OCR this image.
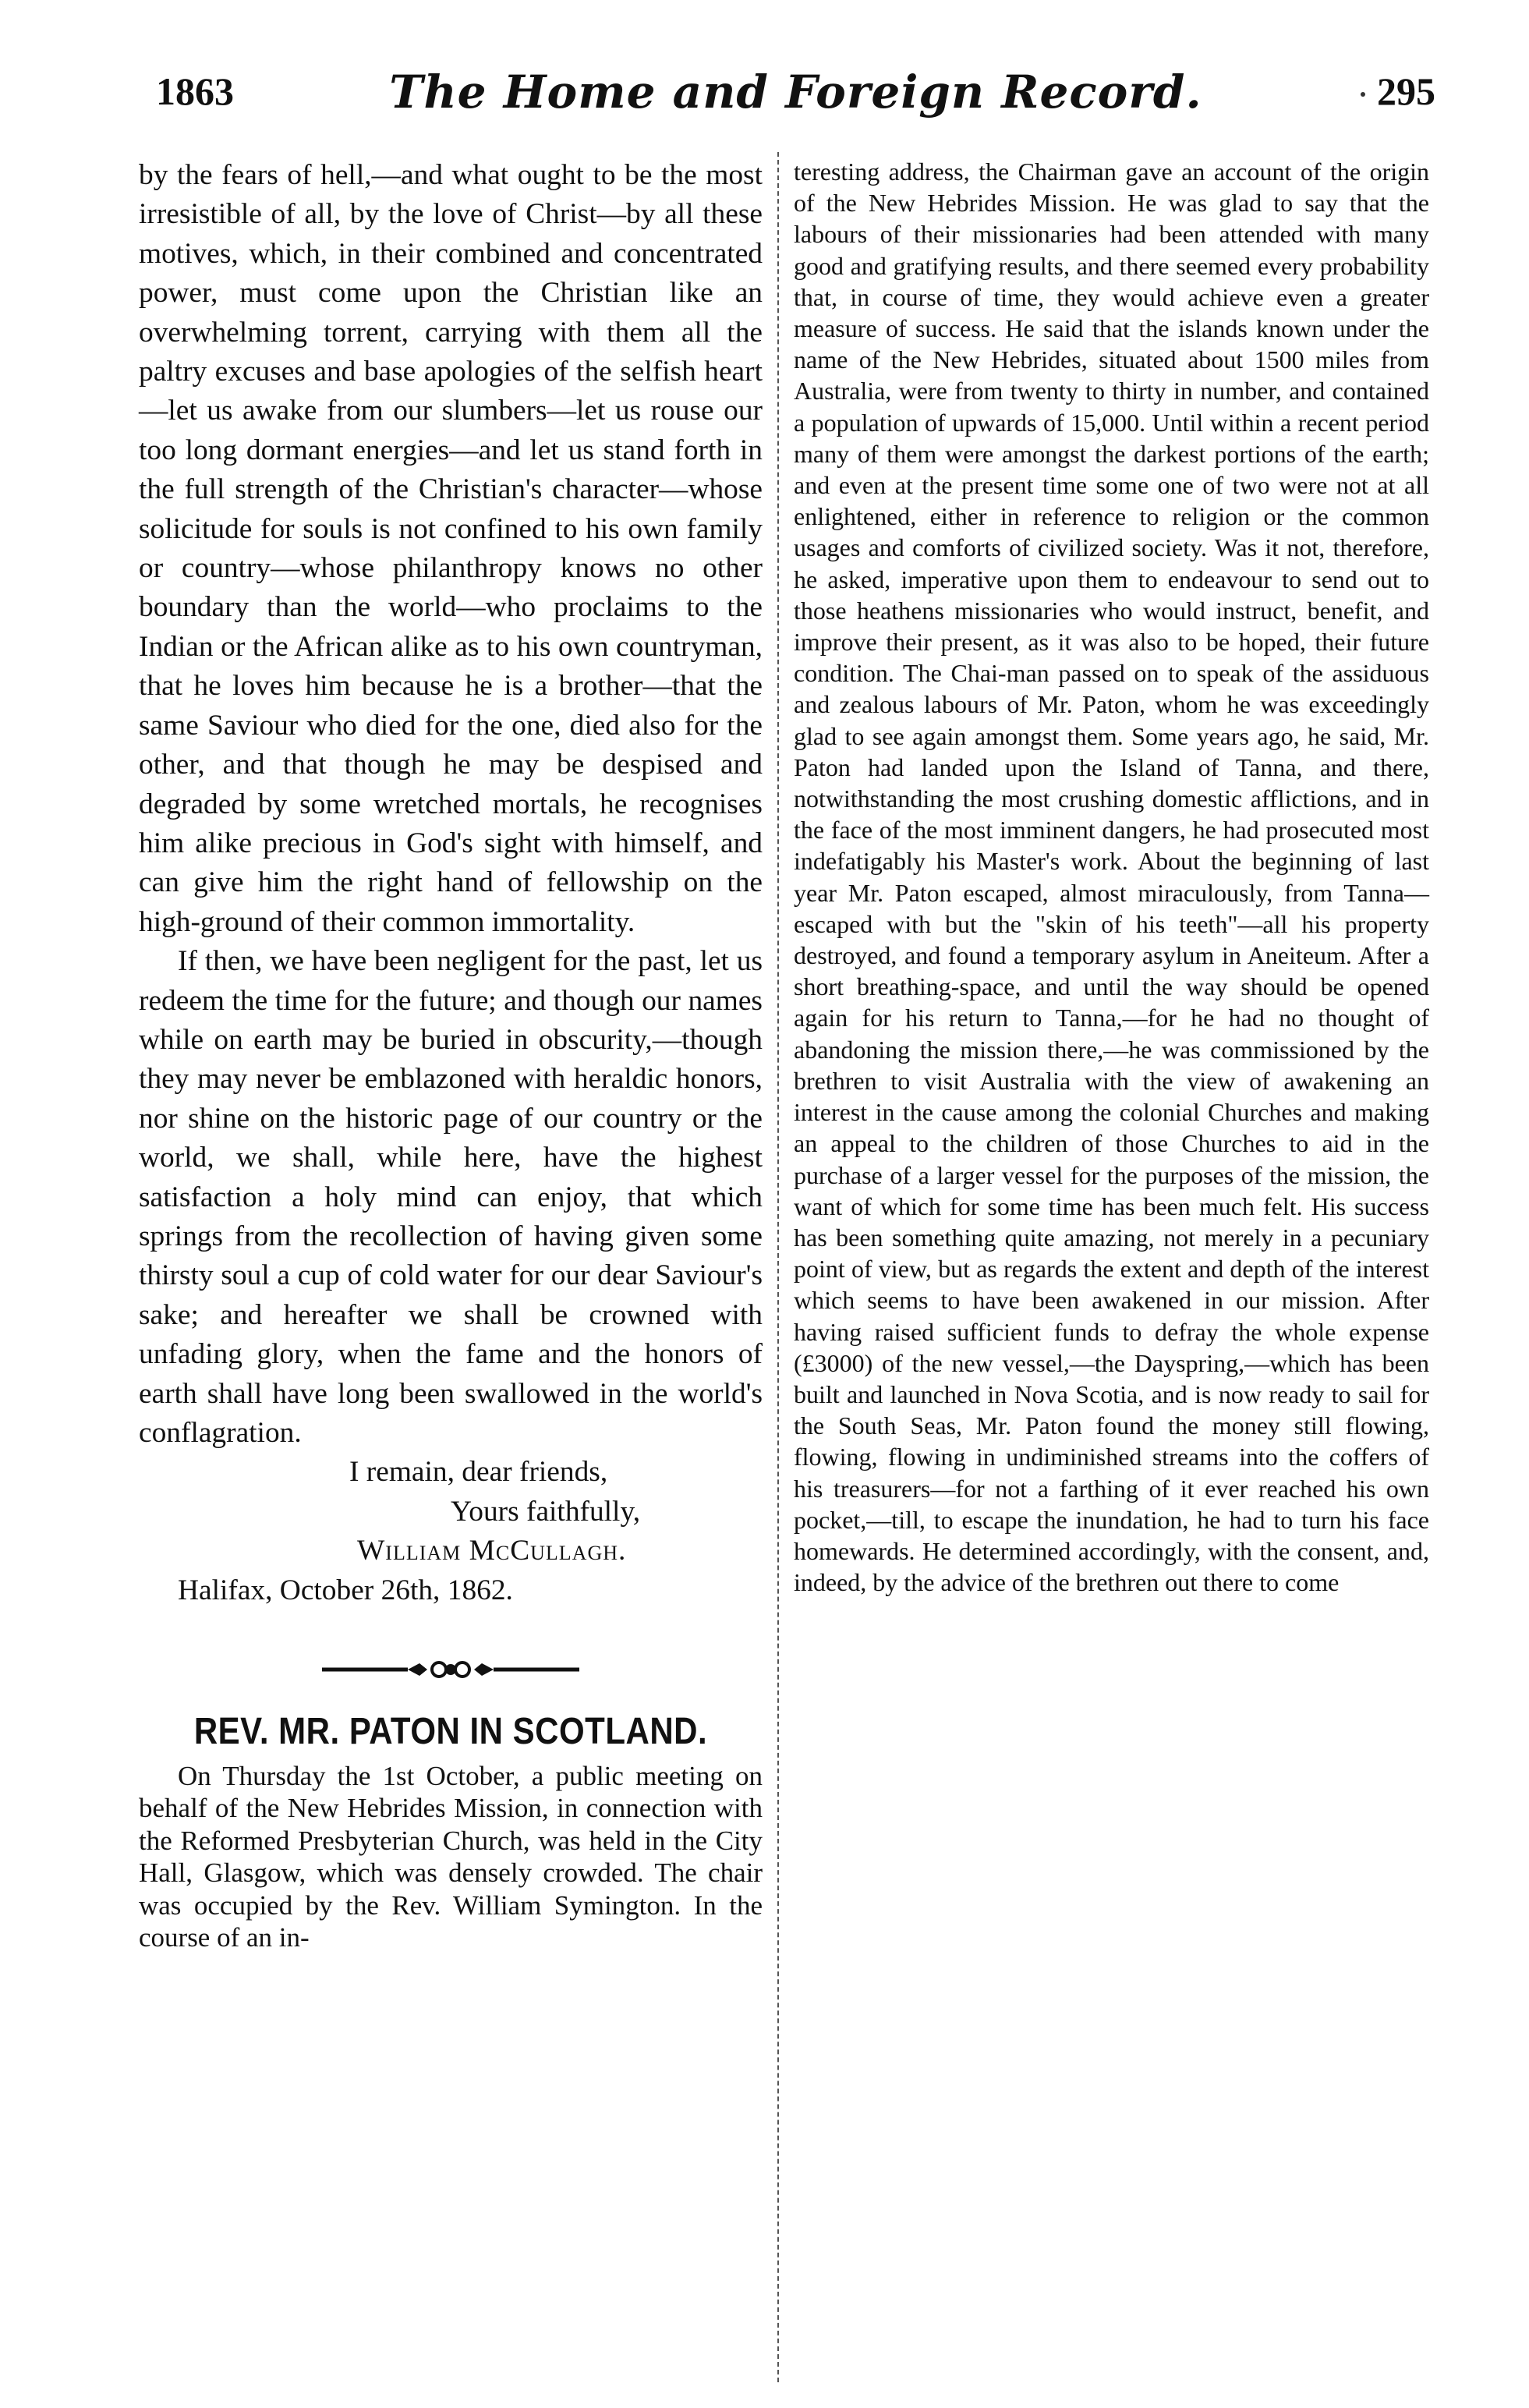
1863	The Home and Foreign Record.	295

by the fears of hell,—and what ought to be the most irresistible of all, by the love of Christ—by all these motives, which, in their combined and concentrated power, must come upon the Christian like an overwhelming torrent, carrying with them all the paltry excuses and base apologies of the selfish heart—let us awake from our slumbers—let us rouse our too long dormant energies—and let us stand forth in the full strength of the Christian's character—whose solicitude for souls is not confined to his own family or country—whose philanthropy knows no other boundary than the world—who proclaims to the Indian or the African alike as to his own countryman, that he loves him because he is a brother—that the same Saviour who died for the one, died also for the other, and that though he may be despised and degraded by some wretched mortals, he recognises him alike precious in God's sight with himself, and can give him the right hand of fellowship on the high-ground of their common immortality.

If then, we have been negligent for the past, let us redeem the time for the future; and though our names while on earth may be buried in obscurity,—though they may never be emblazoned with heraldic honors, nor shine on the historic page of our country or the world, we shall, while here, have the highest satisfaction a holy mind can enjoy, that which springs from the recollection of having given some thirsty soul a cup of cold water for our dear Saviour's sake; and hereafter we shall be crowned with unfading glory, when the fame and the honors of earth shall have long been swallowed in the world's conflagration.

I remain, dear friends,
Yours faithfully,
William McCullagh.
Halifax, October 26th, 1862.
REV. MR. PATON IN SCOTLAND.

On Thursday the 1st October, a public meeting on behalf of the New Hebrides Mission, in connection with the Reformed Presbyterian Church, was held in the City Hall, Glasgow, which was densely crowded. The chair was occupied by the Rev. William Symington. In the course of an in-

teresting address, the Chairman gave an account of the origin of the New Hebrides Mission. He was glad to say that the labours of their missionaries had been attended with many good and gratifying results, and there seemed every probability that, in course of time, they would achieve even a greater measure of success. He said that the islands known under the name of the New Hebrides, situated about 1500 miles from Australia, were from twenty to thirty in number, and contained a population of upwards of 15,000. Until within a recent period many of them were amongst the darkest portions of the earth; and even at the present time some one of two were not at all enlightened, either in reference to religion or the common usages and comforts of civilized society. Was it not, therefore, he asked, imperative upon them to endeavour to send out to those heathens missionaries who would instruct, benefit, and improve their present, as it was also to be hoped, their future condition. The Chai-man passed on to speak of the assiduous and zealous labours of Mr. Paton, whom he was exceedingly glad to see again amongst them. Some years ago, he said, Mr. Paton had landed upon the Island of Tanna, and there, notwithstanding the most crushing domestic afflictions, and in the face of the most imminent dangers, he had prosecuted most indefatigably his Master's work. About the beginning of last year Mr. Paton escaped, almost miraculously, from Tanna—escaped with but the "skin of his teeth"—all his property destroyed, and found a temporary asylum in Aneiteum. After a short breathing-space, and until the way should be opened again for his return to Tanna,—for he had no thought of abandoning the mission there,—he was commissioned by the brethren to visit Australia with the view of awakening an interest in the cause among the colonial Churches and making an appeal to the children of those Churches to aid in the purchase of a larger vessel for the purposes of the mission, the want of which for some time has been much felt. His success has been something quite amazing, not merely in a pecuniary point of view, but as regards the extent and depth of the interest which seems to have been awakened in our mission. After having raised sufficient funds to defray the whole expense (£3000) of the new vessel,—the Dayspring,—which has been built and launched in Nova Scotia, and is now ready to sail for the South Seas, Mr. Paton found the money still flowing, flowing, flowing in undiminished streams into the coffers of his treasurers—for not a farthing of it ever reached his own pocket,—till, to escape the inundation, he had to turn his face homewards. He determined accordingly, with the consent, and, indeed, by the advice of the brethren out there to come
